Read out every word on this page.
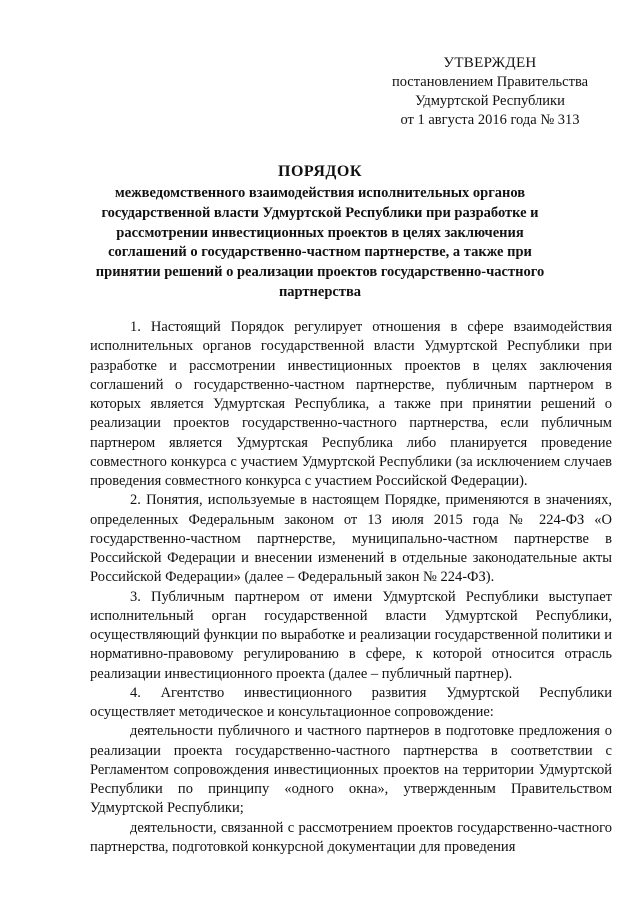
УТВЕРЖДЕН
постановлением Правительства
Удмуртской Республики
от 1 августа 2016 года № 313
ПОРЯДОК
межведомственного взаимодействия исполнительных органов государственной власти Удмуртской Республики при разработке и рассмотрении инвестиционных проектов в целях заключения соглашений о государственно-частном партнерстве, а также при принятии решений о реализации проектов государственно-частного партнерства

1. Настоящий Порядок регулирует отношения в сфере взаимодействия исполнительных органов государственной власти Удмуртской Республики при разработке и рассмотрении инвестиционных проектов в целях заключения соглашений о государственно-частном партнерстве, публичным партнером в которых является Удмуртская Республика, а также при принятии решений о реализации проектов государственно-частного партнерства, если публичным партнером является Удмуртская Республика либо планируется проведение совместного конкурса с участием Удмуртской Республики (за исключением случаев проведения совместного конкурса с участием Российской Федерации).

2. Понятия, используемые в настоящем Порядке, применяются в значениях, определенных Федеральным законом от 13 июля 2015 года № 224-ФЗ «О государственно-частном партнерстве, муниципально-частном партнерстве в Российской Федерации и внесении изменений в отдельные законодательные акты Российской Федерации» (далее – Федеральный закон № 224-ФЗ).

3. Публичным партнером от имени Удмуртской Республики выступает исполнительный орган государственной власти Удмуртской Республики, осуществляющий функции по выработке и реализации государственной политики и нормативно-правовому регулированию в сфере, к которой относится отрасль реализации инвестиционного проекта (далее – публичный партнер).

4. Агентство инвестиционного развития Удмуртской Республики осуществляет методическое и консультационное сопровождение:

деятельности публичного и частного партнеров в подготовке предложения о реализации проекта государственно-частного партнерства в соответствии с Регламентом сопровождения инвестиционных проектов на территории Удмуртской Республики по принципу «одного окна», утвержденным Правительством Удмуртской Республики;

деятельности, связанной с рассмотрением проектов государственно-частного партнерства, подготовкой конкурсной документации для проведения
